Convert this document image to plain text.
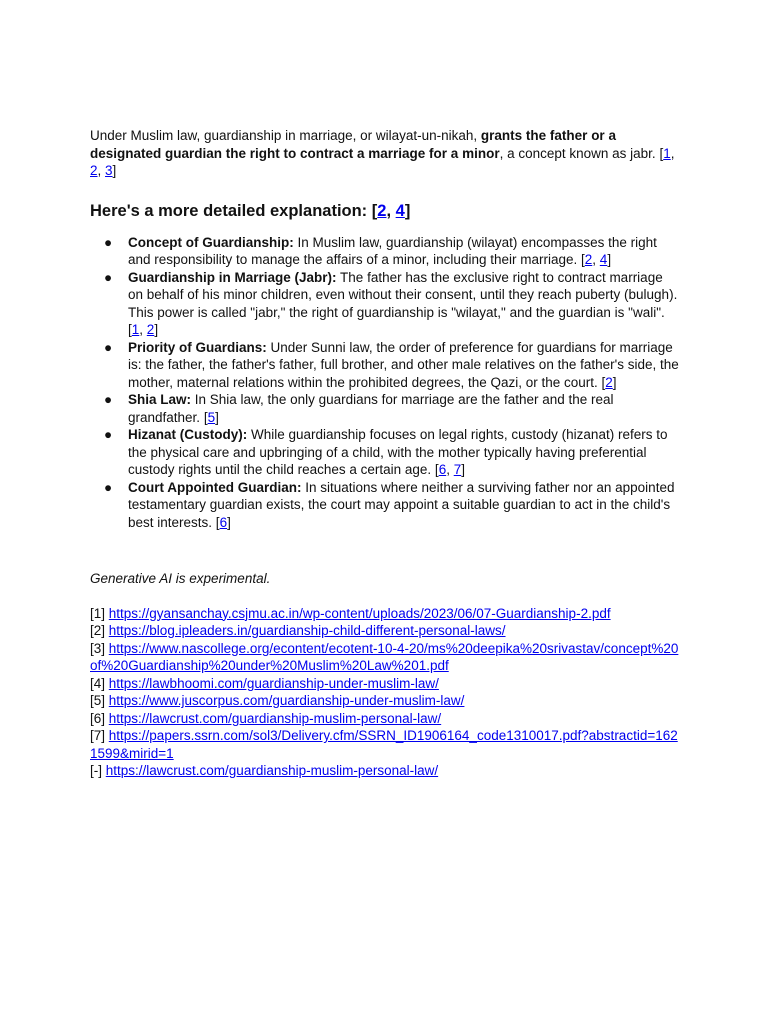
Under Muslim law, guardianship in marriage, or wilayat-un-nikah, grants the father or a designated guardian the right to contract a marriage for a minor, a concept known as jabr. [1, 2, 3]

Here's a more detailed explanation: [2, 4]
● Concept of Guardianship: In Muslim law, guardianship (wilayat) encompasses the right and responsibility to manage the affairs of a minor, including their marriage. [2, 4]
● Guardianship in Marriage (Jabr): The father has the exclusive right to contract marriage on behalf of his minor children, even without their consent, until they reach puberty (bulugh). This power is called "jabr," the right of guardianship is "wilayat," and the guardian is "wali". [1, 2]
● Priority of Guardians: Under Sunni law, the order of preference for guardians for marriage is: the father, the father's father, full brother, and other male relatives on the father's side, the mother, maternal relations within the prohibited degrees, the Qazi, or the court. [2]
● Shia Law: In Shia law, the only guardians for marriage are the father and the real grandfather. [5]
● Hizanat (Custody): While guardianship focuses on legal rights, custody (hizanat) refers to the physical care and upbringing of a child, with the mother typically having preferential custody rights until the child reaches a certain age. [6, 7]
● Court Appointed Guardian: In situations where neither a surviving father nor an appointed testamentary guardian exists, the court may appoint a suitable guardian to act in the child's best interests. [6]

Generative AI is experimental.

[1] https://gyansanchay.csjmu.ac.in/wp-content/uploads/2023/06/07-Guardianship-2.pdf
[2] https://blog.ipleaders.in/guardianship-child-different-personal-laws/
[3] https://www.nascollege.org/econtent/ecotent-10-4-20/ms%20deepika%20srivastav/concept%20of%20Guardianship%20under%20Muslim%20Law%201.pdf
[4] https://lawbhoomi.com/guardianship-under-muslim-law/
[5] https://www.juscorpus.com/guardianship-under-muslim-law/
[6] https://lawcrust.com/guardianship-muslim-personal-law/
[7] https://papers.ssrn.com/sol3/Delivery.cfm/SSRN_ID1906164_code1310017.pdf?abstractid=1621599&mirid=1
[-] https://lawcrust.com/guardianship-muslim-personal-law/
